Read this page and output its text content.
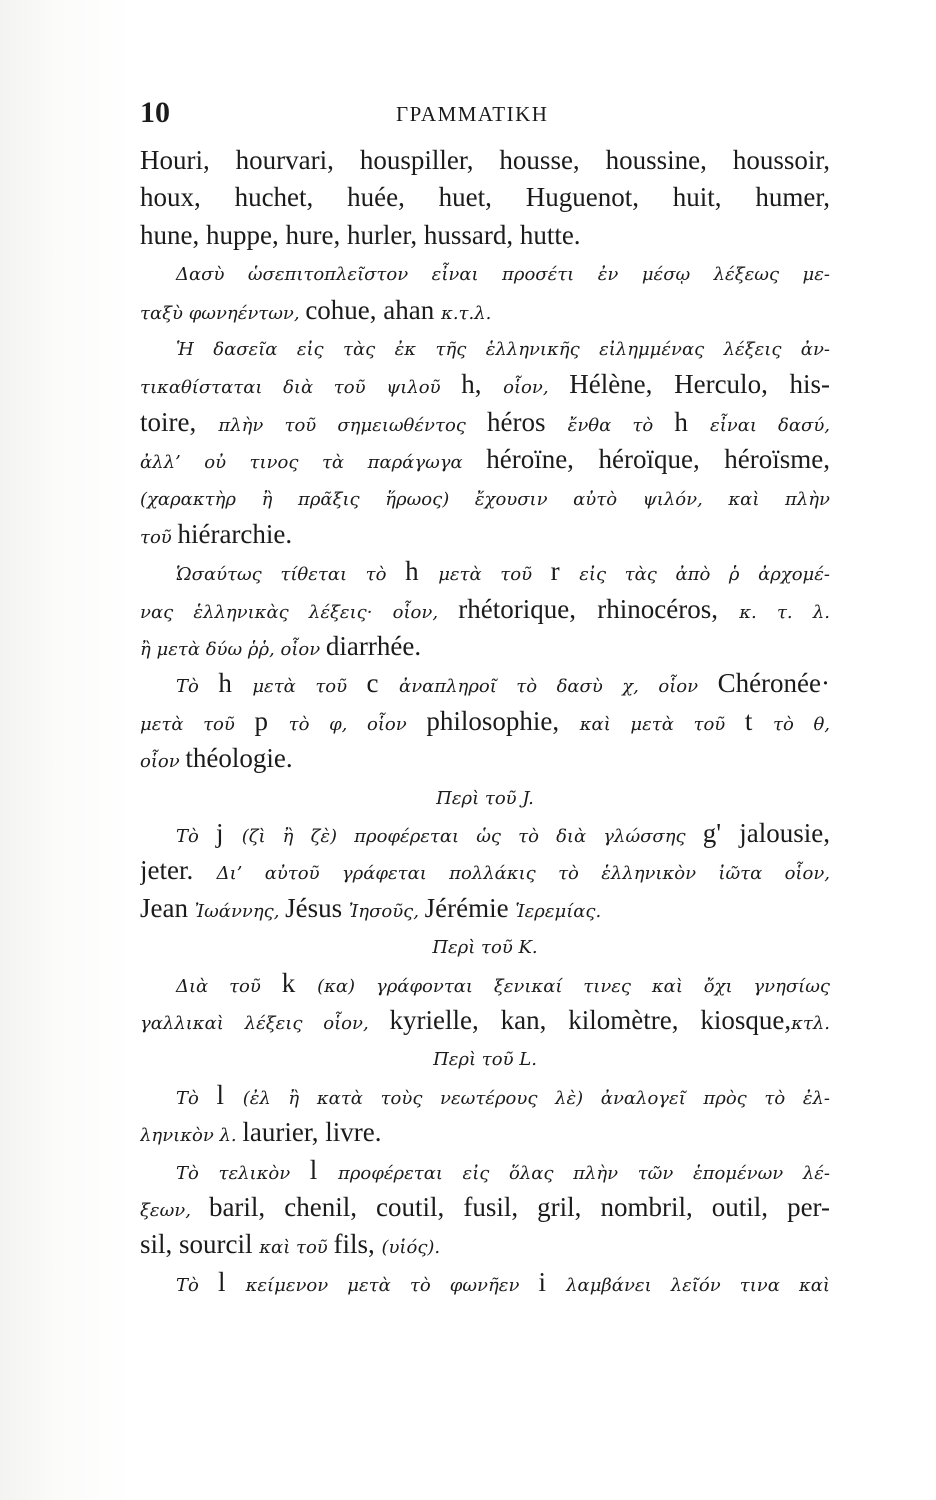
10	ΓΡΑΜΜΑΤΙΚΗ
Houri, hourvari, houspiller, housse, houssine, houssoir,
houx, huchet, huée, huet, Huguenot, huit, humer,
hune, huppe, hure, hurler, hussard, hutte.
Δασὺ ὡσεπιτοπλεῖστον εἶναι προσέτι ἐν μέσῳ λέξεως με-
ταξὺ φωνηέντων, cohue, ahan κ.τ.λ.
Ἡ δασεῖα εἰς τὰς ἐκ τῆς ἑλληνικῆς εἰλημμένας λέξεις ἀν-
τικαθίσταται διὰ τοῦ ψιλοῦ h, οἷον, Hélène, Herculo, his-
toire, πλὴν τοῦ σημειωθέντος héros ἔνθα τὸ h εἶναι δασύ,
ἀλλ’ οὐ τινος τὰ παράγωγα héroïne, héroïque, héroïsme,
(χαρακτὴρ ἢ πρᾶξις ἥρωος) ἔχουσιν αὐτὸ ψιλόν, καὶ πλὴν
τοῦ hiérarchie.
Ὡσαύτως τίθεται τὸ h μετὰ τοῦ r εἰς τὰς ἀπὸ ῥ ἀρχομέ-
νας ἑλληνικὰς λέξεις· οἷον, rhétorique, rhinocéros, κ. τ. λ.
ἢ μετὰ δύω ῥῥ, οἷον diarrhée.
Τὸ h μετὰ τοῦ c ἀναπληροῖ τὸ δασὺ χ, οἷον Chéronée·
μετὰ τοῦ p τὸ φ, οἷον philosophie, καὶ μετὰ τοῦ t τὸ θ,
οἷον théologie.
Περὶ τοῦ J.
Τὸ j (ζὶ ἢ ζὲ) προφέρεται ὡς τὸ διὰ γλώσσης g' jalousie,
jeter. Δι’ αὐτοῦ γράφεται πολλάκις τὸ ἑλληνικὸν ἰῶτα οἷον,
Jean Ἰωάννης, Jésus Ἰησοῦς, Jérémie Ἱερεμίας.
Περὶ τοῦ K.
Διὰ τοῦ k (κα) γράφονται ξενικαί τινες καὶ ὄχι γνησίως
γαλλικαὶ λέξεις οἷον, kyrielle, kan, kilomètre, kiosque,κτλ.
Περὶ τοῦ L.
Τὸ l (ἐλ ἢ κατὰ τοὺς νεωτέρους λὲ) ἀναλογεῖ πρὸς τὸ ἐλ-
ληνικὸν λ. laurier, livre.
Τὸ τελικὸν l προφέρεται εἰς ὅλας πλὴν τῶν ἑπομένων λέ-
ξεων, baril, chenil, coutil, fusil, gril, nombril, outil, per-
sil, sourcil καὶ τοῦ fils, (υἱός).
Τὸ l κείμενον μετὰ τὸ φωνῆεν i λαμβάνει λεῖόν τινα καὶ
